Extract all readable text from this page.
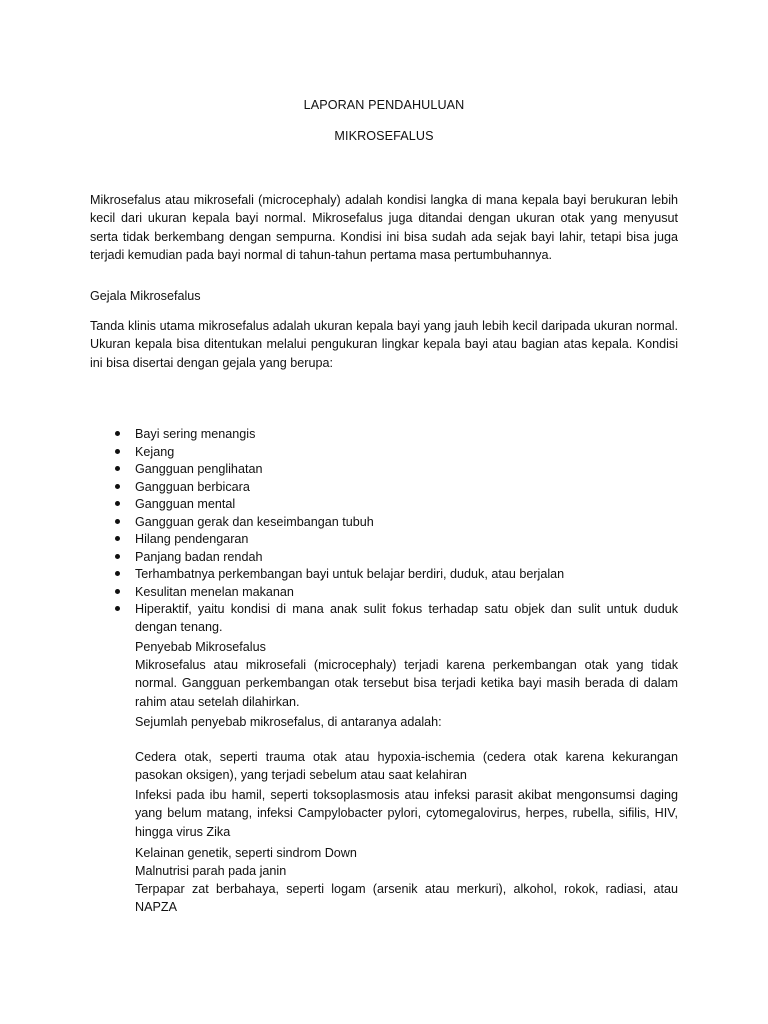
LAPORAN PENDAHULUAN
MIKROSEFALUS
Mikrosefalus atau mikrosefali (microcephaly) adalah kondisi langka di mana kepala bayi berukuran lebih kecil dari ukuran kepala bayi normal. Mikrosefalus juga ditandai dengan ukuran otak yang menyusut serta tidak berkembang dengan sempurna. Kondisi ini bisa sudah ada sejak bayi lahir, tetapi bisa juga terjadi kemudian pada bayi normal di tahun-tahun pertama masa pertumbuhannya.
Gejala Mikrosefalus
Tanda klinis utama mikrosefalus adalah ukuran kepala bayi yang jauh lebih kecil daripada ukuran normal. Ukuran kepala bisa ditentukan melalui pengukuran lingkar kepala bayi atau bagian atas kepala. Kondisi ini bisa disertai dengan gejala yang berupa:
Bayi sering menangis
Kejang
Gangguan penglihatan
Gangguan berbicara
Gangguan mental
Gangguan gerak dan keseimbangan tubuh
Hilang pendengaran
Panjang badan rendah
Terhambatnya perkembangan bayi untuk belajar berdiri, duduk, atau berjalan
Kesulitan menelan makanan
Hiperaktif, yaitu kondisi di mana anak sulit fokus terhadap satu objek dan sulit untuk duduk dengan tenang.
Penyebab Mikrosefalus
Mikrosefalus atau mikrosefali (microcephaly) terjadi karena perkembangan otak yang tidak normal. Gangguan perkembangan otak tersebut bisa terjadi ketika bayi masih berada di dalam rahim atau setelah dilahirkan.
Sejumlah penyebab mikrosefalus, di antaranya adalah:
Cedera otak, seperti trauma otak atau hypoxia-ischemia (cedera otak karena kekurangan pasokan oksigen), yang terjadi sebelum atau saat kelahiran
Infeksi pada ibu hamil, seperti toksoplasmosis atau infeksi parasit akibat mengonsumsi daging yang belum matang, infeksi Campylobacter pylori, cytomegalovirus, herpes, rubella, sifilis, HIV, hingga virus Zika
Kelainan genetik, seperti sindrom Down
Malnutrisi parah pada janin
Terpapar zat berbahaya, seperti logam (arsenik atau merkuri), alkohol, rokok, radiasi, atau NAPZA
